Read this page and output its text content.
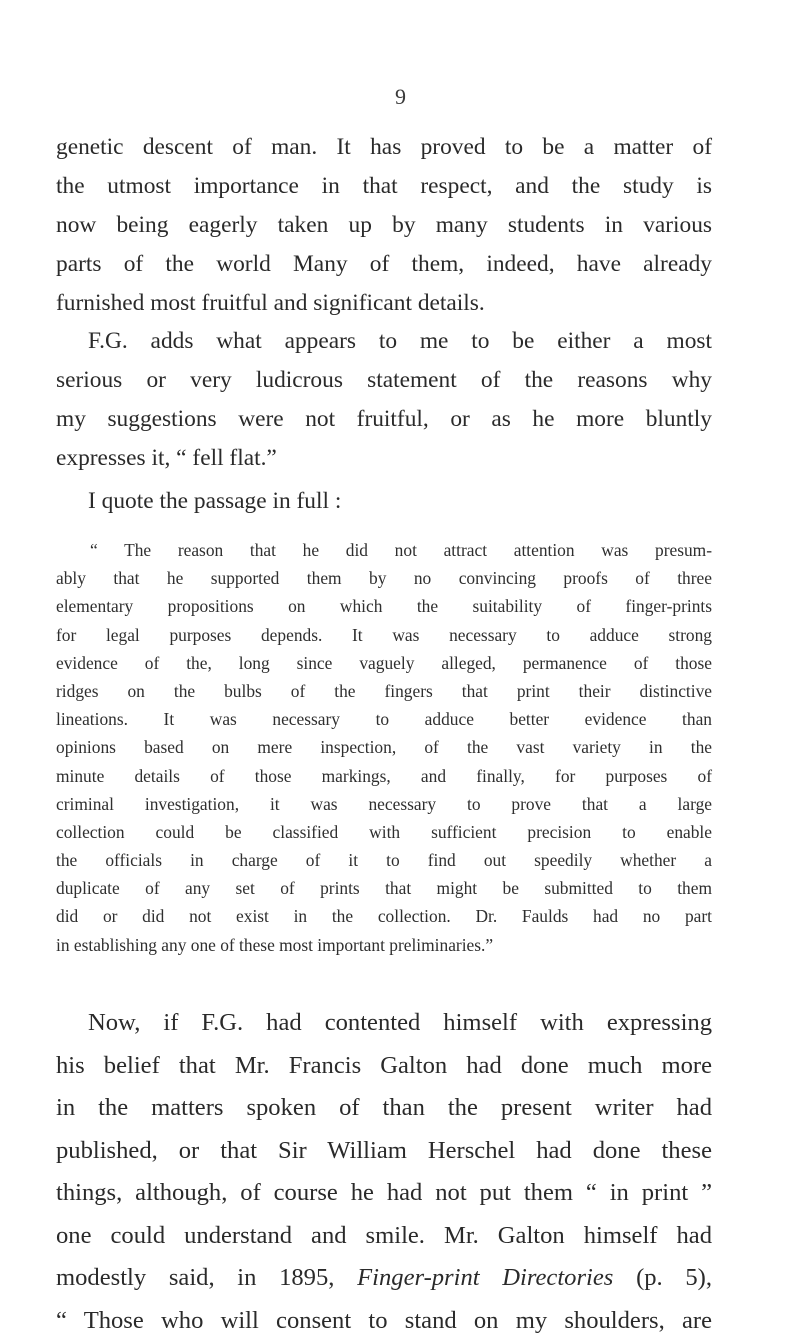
9
genetic descent of man. It has proved to be a matter of
the utmost importance in that respect, and the study is
now being eagerly taken up by many students in various
parts of the world Many of them, indeed, have already
furnished most fruitful and significant details.
F.G. adds what appears to me to be either a most
serious or very ludicrous statement of the reasons why
my suggestions were not fruitful, or as he more bluntly
expresses it, “ fell flat.”
I quote the passage in full :
“ The reason that he did not attract attention was presum-
ably that he supported them by no convincing proofs of three
elementary propositions on which the suitability of finger-prints
for legal purposes depends. It was necessary to adduce strong
evidence of the, long since vaguely alleged, permanence of those
ridges on the bulbs of the fingers that print their distinctive
lineations. It was necessary to adduce better evidence than
opinions based on mere inspection, of the vast variety in the
minute details of those markings, and finally, for purposes of
criminal investigation, it was necessary to prove that a large
collection could be classified with sufficient precision to enable
the officials in charge of it to find out speedily whether a
duplicate of any set of prints that might be submitted to them
did or did not exist in the collection. Dr. Faulds had no part
in establishing any one of these most important preliminaries.”
Now, if F.G. had contented himself with expressing
his belief that Mr. Francis Galton had done much more
in the matters spoken of than the present writer had
published, or that Sir William Herschel had done these
things, although, of course he had not put them “ in print ”
one could understand and smile. Mr. Galton himself had
modestly said, in 1895, Finger-print Directories (p. 5),
“ Those who will consent to stand on my shoulders, are
